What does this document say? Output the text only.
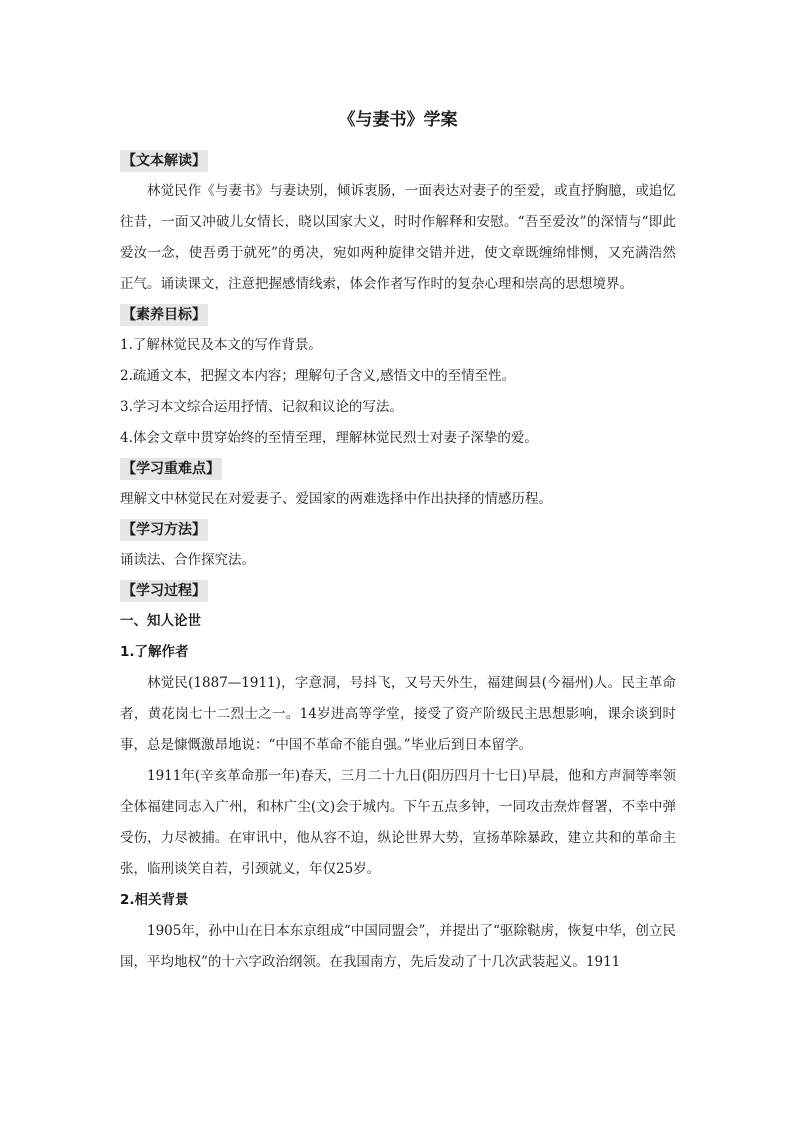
《与妻书》学案
【文本解读】

林觉民作《与妻书》与妻诀别，倾诉衷肠，一面表达对妻子的至爱，或直抒胸臆，或追忆往昔，一面又冲破儿女情长，晓以国家大义，时时作解释和安慰。“吾至爱汝”的深情与“即此爱汝一念，使吾勇于就死”的勇决，宛如两种旋律交错并进，使文章既缠绵悱恻，又充满浩然正气。诵读课文，注意把握感情线索，体会作者写作时的复杂心理和崇高的思想境界。

【素养目标】

1.了解林觉民及本文的写作背景。

2.疏通文本，把握文本内容；理解句子含义,感悟文中的至情至性。

3.学习本文综合运用抒情、记叙和议论的写法。

4.体会文章中贯穿始终的至情至理，理解林觉民烈士对妻子深挚的爱。

【学习重难点】

理解文中林觉民在对爱妻子、爱国家的两难选择中作出抉择的情感历程。

【学习方法】

诵读法、合作探究法。

【学习过程】

一、知人论世

1.了解作者

林觉民(1887—1911)，字意洞，号抖飞，又号天外生，福建闽县(今福州)人。民主革命者，黄花岗七十二烈士之一。14岁进高等学堂，接受了资产阶级民主思想影响，课余谈到时事，总是慷慨激昂地说：“中国不革命不能自强。”毕业后到日本留学。

1911年(辛亥革命那一年)春天，三月二十九日(阳历四月十七日)早晨，他和方声洞等率领全体福建同志入广州，和林广尘(文)会于城内。下午五点多钟，一同攻击焘炸督署，不幸中弹受伤，力尽被捕。在审讯中，他从容不迫，纵论世界大势，宣扬革除暴政，建立共和的革命主张，临刑谈笑自若，引颈就义，年仅25岁。

2.相关背景

1905年，孙中山在日本东京组成“中国同盟会”，并提出了“驱除鞑虏，恢复中华，创立民国，平均地权”的十六字政治纲领。在我国南方，先后发动了十几次武装起义。1911
